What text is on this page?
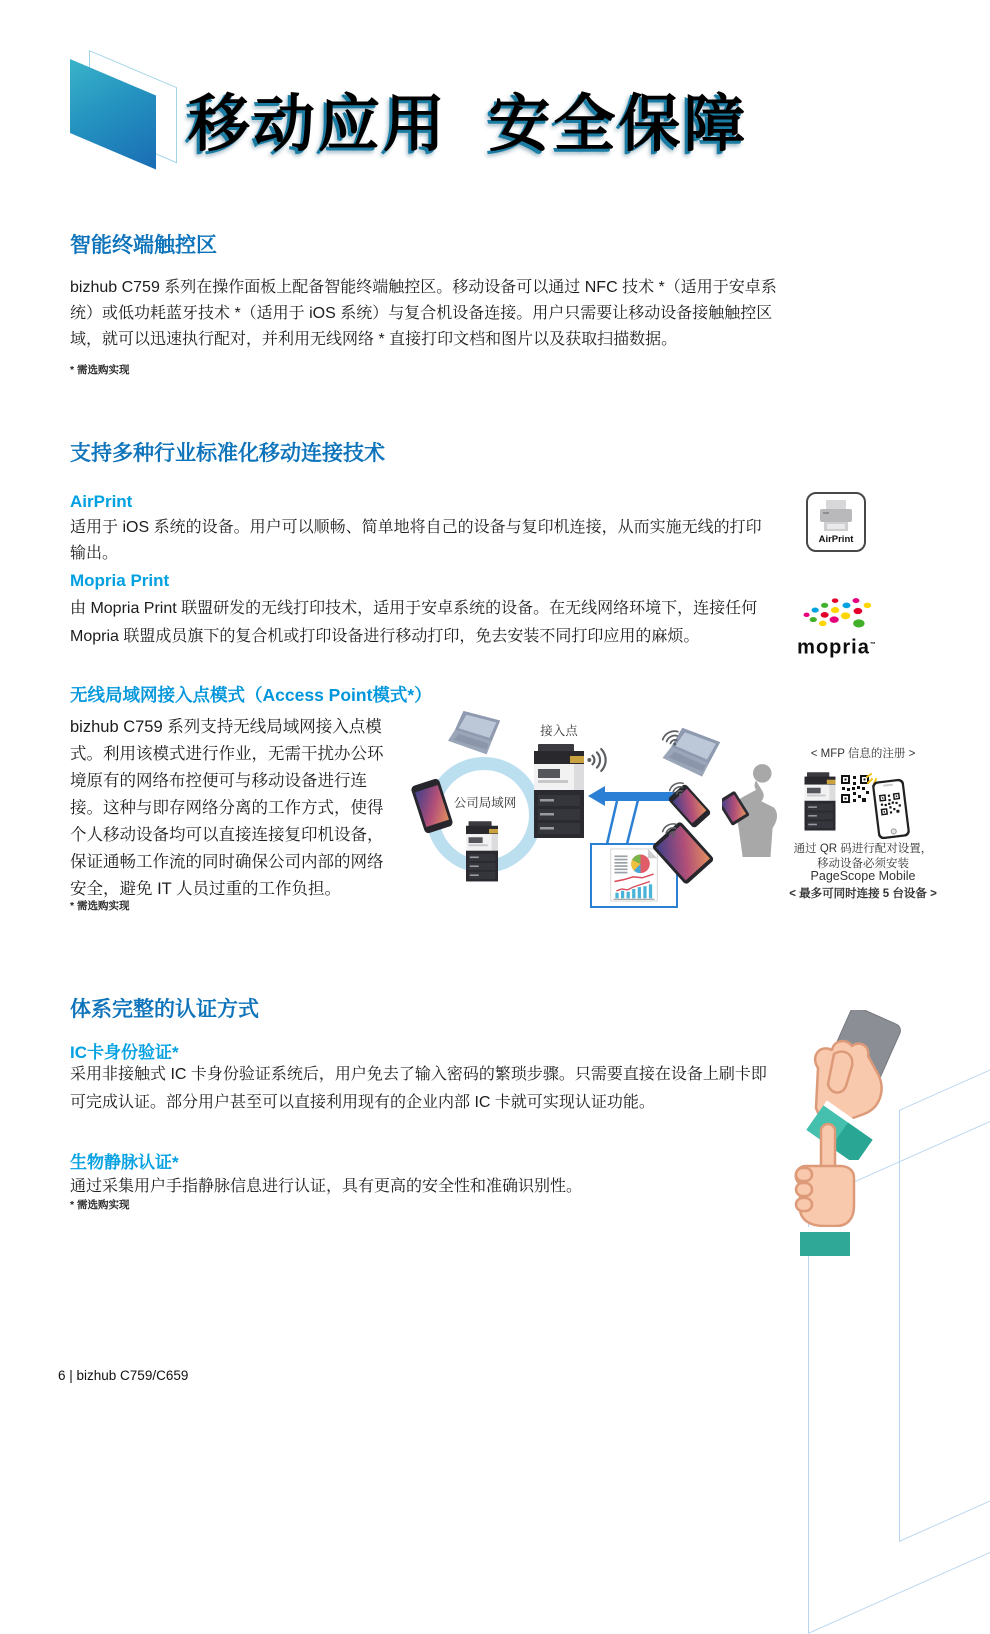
移动应用  安全保障
智能终端触控区
bizhub C759 系列在操作面板上配备智能终端触控区。移动设备可以通过 NFC 技术 *（适用于安卓系统）或低功耗蓝牙技术 *（适用于 iOS 系统）与复合机设备连接。用户只需要让移动设备接触触控区域，就可以迅速执行配对，并利用无线网络 * 直接打印文档和图片以及获取扫描数据。
* 需选购实现
支持多种行业标准化移动连接技术
AirPrint
适用于 iOS 系统的设备。用户可以顺畅、简单地将自己的设备与复印机连接，从而实施无线的打印输出。
AirPrint
Mopria Print
由 Mopria Print 联盟研发的无线打印技术，适用于安卓系统的设备。在无线网络环境下，连接任何 Mopria 联盟成员旗下的复合机或打印设备进行移动打印，免去安装不同打印应用的麻烦。
mopria™
无线局域网接入点模式（Access Point模式*）
bizhub C759 系列支持无线局域网接入点模式。利用该模式进行作业，无需干扰办公环境原有的网络布控便可与移动设备进行连接。这种与即存网络分离的工作方式，使得个人移动设备均可以直接连接复印机设备，保证通畅工作流的同时确保公司内部的网络安全，避免 IT 人员过重的工作负担。
* 需选购实现
公司局域网
接入点
< MFP 信息的注册 >
通过 QR 码进行配对设置，
移动设备必须安装
PageScope Mobile
< 最多可同时连接 5 台设备 >
体系完整的认证方式
IC卡身份验证*
采用非接触式 IC 卡身份验证系统后，用户免去了输入密码的繁琐步骤。只需要直接在设备上刷卡即可完成认证。部分用户甚至可以直接利用现有的企业内部 IC 卡就可实现认证功能。
生物静脉认证*
通过采集用户手指静脉信息进行认证，具有更高的安全性和准确识别性。
* 需选购实现
6 | bizhub C759/C659
